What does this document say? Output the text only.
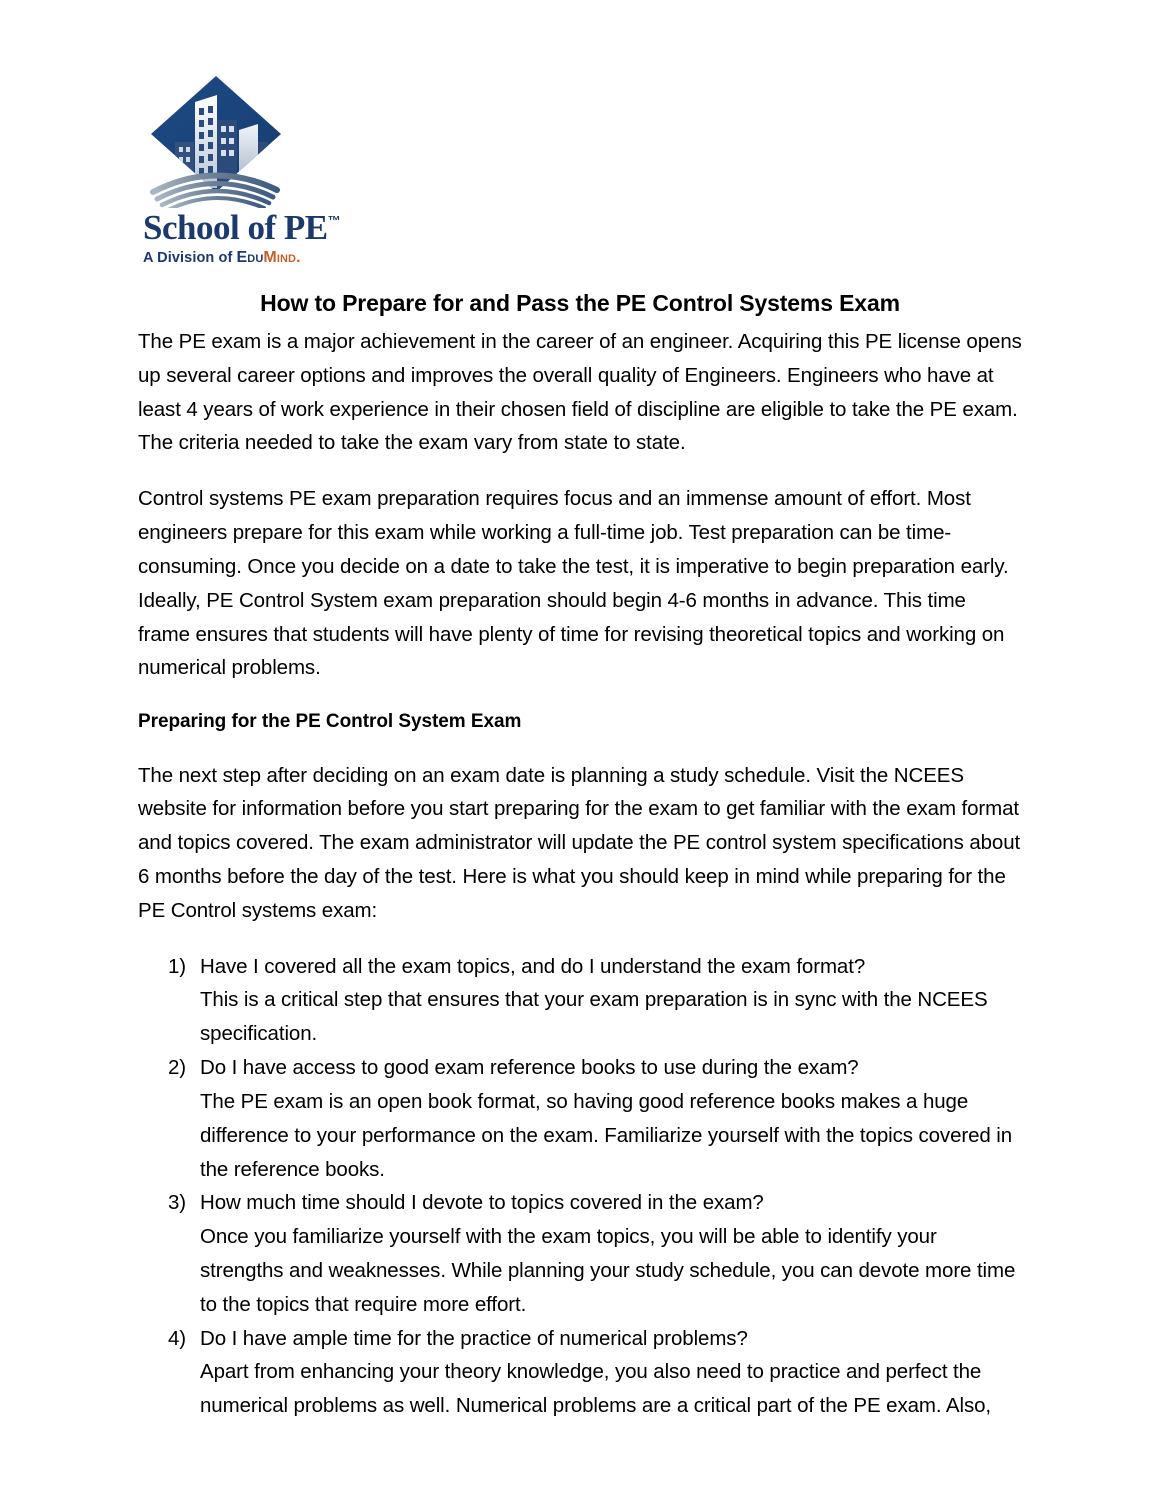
School of PE™
A Division of EduMind.
How to Prepare for and Pass the PE Control Systems Exam

The PE exam is a major achievement in the career of an engineer. Acquiring this PE license opens up several career options and improves the overall quality of Engineers. Engineers who have at least 4 years of work experience in their chosen field of discipline are eligible to take the PE exam. The criteria needed to take the exam vary from state to state.

Control systems PE exam preparation requires focus and an immense amount of effort. Most engineers prepare for this exam while working a full-time job. Test preparation can be time-consuming. Once you decide on a date to take the test, it is imperative to begin preparation early. Ideally, PE Control System exam preparation should begin 4-6 months in advance. This time frame ensures that students will have plenty of time for revising theoretical topics and working on numerical problems.

Preparing for the PE Control System Exam

The next step after deciding on an exam date is planning a study schedule. Visit the NCEES website for information before you start preparing for the exam to get familiar with the exam format and topics covered. The exam administrator will update the PE control system specifications about 6 months before the day of the test. Here is what you should keep in mind while preparing for the PE Control systems exam:

1) Have I covered all the exam topics, and do I understand the exam format?
This is a critical step that ensures that your exam preparation is in sync with the NCEES specification.
2) Do I have access to good exam reference books to use during the exam?
The PE exam is an open book format, so having good reference books makes a huge difference to your performance on the exam. Familiarize yourself with the topics covered in the reference books.
3) How much time should I devote to topics covered in the exam?
Once you familiarize yourself with the exam topics, you will be able to identify your strengths and weaknesses. While planning your study schedule, you can devote more time to the topics that require more effort.
4) Do I have ample time for the practice of numerical problems?
Apart from enhancing your theory knowledge, you also need to practice and perfect the numerical problems as well. Numerical problems are a critical part of the PE exam. Also,
